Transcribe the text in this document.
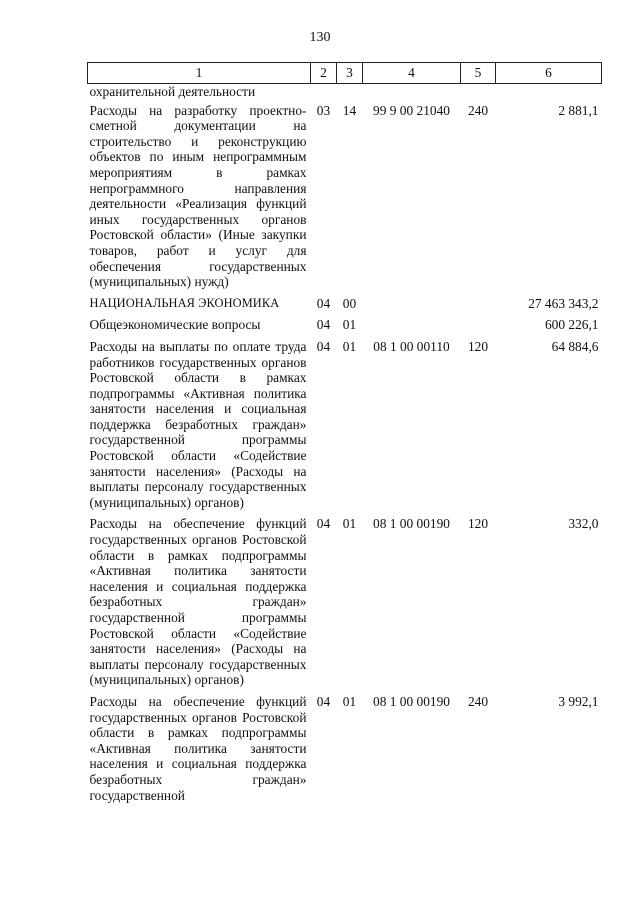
130
1	2	3	4	5	6
охранительной деятельности					
Расходы на разработку проектно-сметной документации на строительство и реконструкцию объектов по иным непрограммным мероприятиям в рамках непрограммного направления деятельности «Реализация функций иных государственных органов Ростовской области» (Иные закупки товаров, работ и услуг для обеспечения государственных (муниципальных) нужд)	03	14	99 9 00 21040	240	2 881,1
НАЦИОНАЛЬНАЯ ЭКОНОМИКА	04	00			27 463 343,2
Общеэкономические вопросы	04	01			600 226,1
Расходы на выплаты по оплате труда работников государственных органов Ростовской области в рамках подпрограммы «Активная политика занятости населения и социальная поддержка безработных граждан» государственной программы Ростовской области «Содействие занятости населения» (Расходы на выплаты персоналу государственных (муниципальных) органов)	04	01	08 1 00 00110	120	64 884,6
Расходы на обеспечение функций государственных органов Ростовской области в рамках подпрограммы «Активная политика занятости населения и социальная поддержка безработных граждан» государственной программы Ростовской области «Содействие занятости населения» (Расходы на выплаты персоналу государственных (муниципальных) органов)	04	01	08 1 00 00190	120	332,0
Расходы на обеспечение функций государственных органов Ростовской области в рамках подпрограммы «Активная политика занятости населения и социальная поддержка безработных граждан» государственной	04	01	08 1 00 00190	240	3 992,1
